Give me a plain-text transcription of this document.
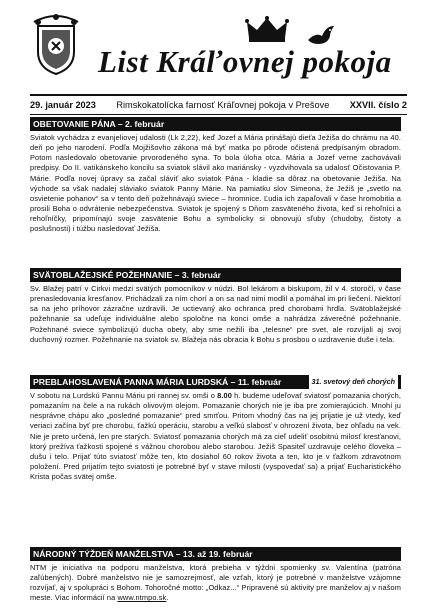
List Kráľovnej pokoja
29. január 2023 Rimskokatolícka farnosť Kráľovnej pokoja v Prešove XXVII. číslo 2
OBETOVANIE PÁNA – 2. február
Sviatok vychádza z evanjeliovej udalosti (Lk 2,22), keď Jozef a Mária prinášajú dieťa Ježiša do chrámu na 40. deň po jeho narodení. Podľa Mojžišovho zákona má byť matka po pôrode očistená predpísaným obradom. Potom nasledovalo obetovanie prvorodeného syna. To bola úloha otca. Mária a Jozef verne zachovávali predpisy. Do II. vatikánskeho koncilu sa sviatok slávil ako mariánsky - vyzdvihovala sa udalosť Očistovania P. Márie. Podľa novej úpravy sa začal sláviť ako sviatok Pána - kladie sa dôraz na obetovanie Ježiša. Na východe sa však nadalej sláviako sviatok Panny Márie. Na pamiatku slov Simeona, že Ježiš je „svetlo na osvietenie pohanov“ sa v tento deň požehnávajú sviece – hromnice. Ľudia ich zapaľovali v čase hromobitia a prosili Boha o odvrátenie nebezpečenstva. Sviatok je spojený s Dňom zasväteného života, keď si rehoľníci a rehoľníčky, pripomínajú svoje zasvätenie Bohu a symbolicky si obnovujú sľuby (chudoby, čistoty a poslušnosti) i túžbu nasledovať Ježiša.
SVÄTOBLAŽEJSKÉ POŽEHNANIE – 3. február
Sv. Blažej patrí v Cirkvi medzi svätých pomocníkov v núdzi. Bol lekárom a biskupom, žil v 4. storočí, v čase prenasledovania kresťanov. Prichádzali za ním chorí a on sa nad nimi modlil a pomáhal im pri liečení. Niektorí sa na jeho príhovor zázračne uzdravili. Je uctievaný ako ochranca pred chorobami hrdla. Svätoblažejské požehnanie sa udeľuje individuálne alebo spoločne na konci omše a nahrádza záverečné požehnanie. Požehnané sviece symbolizujú ducha obety, aby sme nežili iba „telesne“ pre svet, ale rozvíjali aj svoj duchovný rozmer. Požehnanie na sviatok sv. Blažeja nás obracia k Bohu s prosbou o uzdravenie duše i tela.
PREBLAHOSLAVENÁ PANNA MÁRIA LURDSKÁ – 11. február	31. svetový deň chorých
V sobotu na Lurdskú Pannu Máriu pri rannej sv. omši o 8.00 h. budeme udeľovať sviatosť pomazania chorých, pomazaním na čele a na rukách olivovým olejom. Pomazanie chorých nie je iba pre zomierajúcich. Mnohí ju nesprávne chápu ako „posledné pomazanie“ pred smrťou. Pritom vhodný čas na jej prijatie je už vtedy, keď veriaci začína byť pre chorobu, ťažkú operáciu, starobu a veľkú slabosť v ohrození života, bez ohľadu na vek. Nie je preto určená, len pre starých. Sviatosť pomazania chorých má za cieľ udeliť osobitnú milosť kresťanovi, ktorý prežíva ťažkosti spojené s vážnou chorobou alebo starobou. Ježiš Spasiteľ uzdravuje celého človeka – dušu i telo. Prijať túto sviatosť môže ten, kto dosiahol 60 rokov života a ten, kto je v ťažkom zdravotnom položení. Pred prijatím tejto sviatosti je potrebné byť v stave milosti (vyspovedať sa) a prijať Eucharistického Krista počas svätej omše.
NÁRODNÝ TÝŽDEŇ MANŽELSTVA – 13. až 19. február
NTM je iniciatíva na podporu manželstva, ktorá prebieha v týždni spomienky sv. Valentína (patróna zaľúbených). Dobré manželstvo nie je samozrejmosť, ale vzťah, ktorý je potrebné v manželstve vzájomne rozvíjať, aj v spolupráci s Bohom. Tohoročné motto: „Odkaz...“ Pripravené sú aktivity pre manželov aj v našom meste. Viac informácií na www.ntmpo.sk.
